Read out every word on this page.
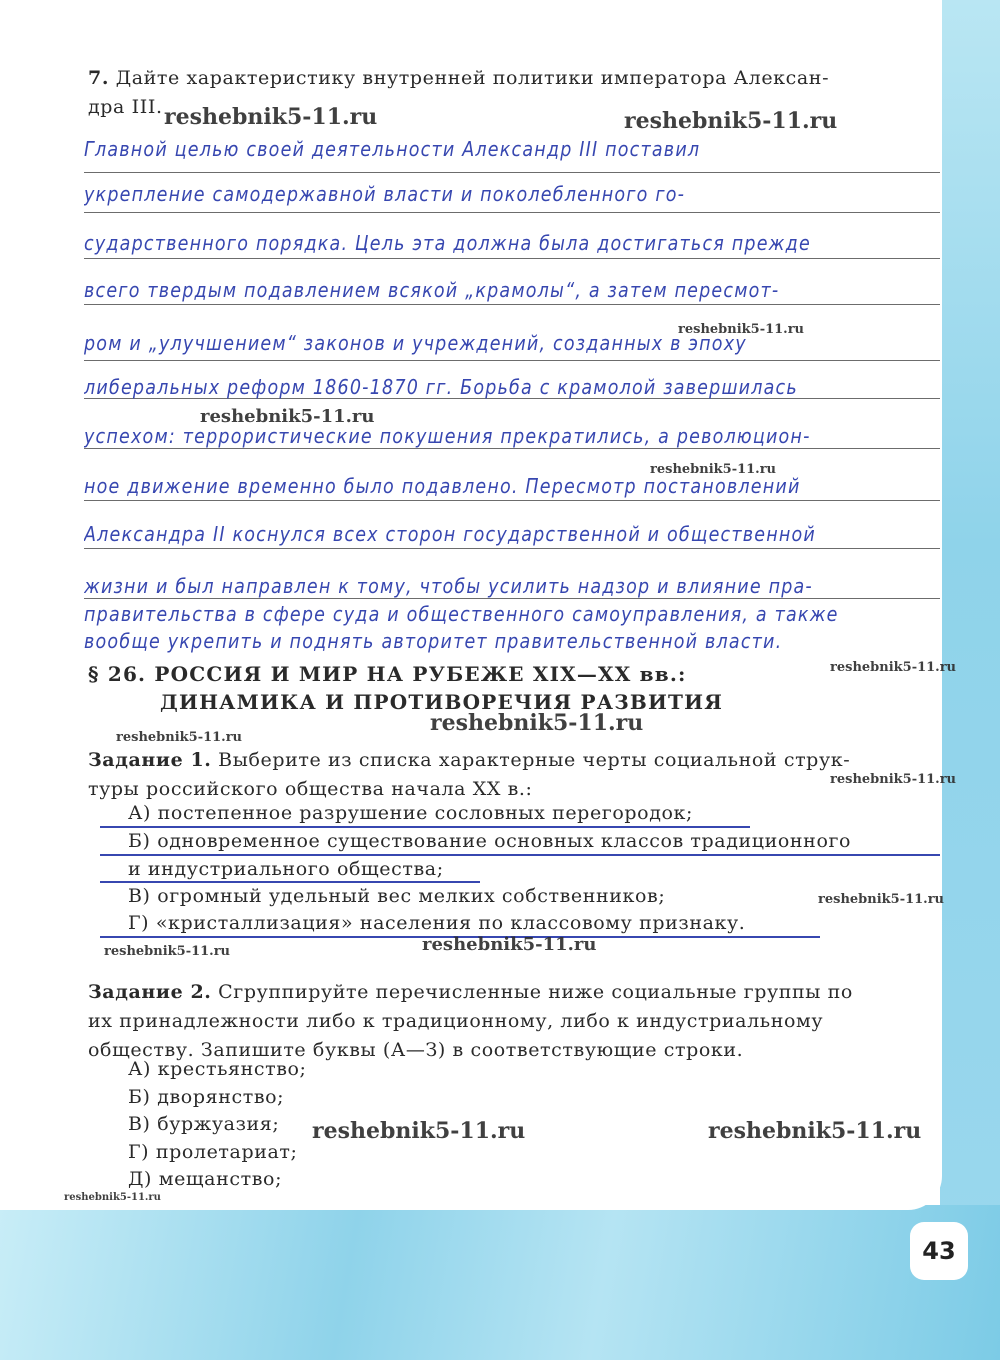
7. Дайте характеристику внутренней политики императора Алексан-
дра III.
Главной целью своей деятельности Александр III поставил
укрепление самодержавной власти и поколебленного го-
сударственного порядка. Цель эта должна была достигаться прежде
всего твердым подавлением всякой „крамолы“, а затем пересмот-
ром и „улучшением“ законов и учреждений, созданных в эпоху
либеральных реформ 1860-1870 гг. Борьба с крамолой завершилась
успехом: террористические покушения прекратились, а революцион-
ное движение временно было подавлено. Пересмотр постановлений
Александра II коснулся всех сторон государственной и общественной
жизни и был направлен к тому, чтобы усилить надзор и влияние пра-
правительства в сфере суда и общественного самоуправления, а также
вообще укрепить и поднять авторитет правительственной власти.
§ 26. РОССИЯ И МИР НА РУБЕЖЕ XIX—XX вв.:
ДИНАМИКА И ПРОТИВОРЕЧИЯ РАЗВИТИЯ
Задание 1. Выберите из списка характерные черты социальной струк-
туры российского общества начала XX в.:
А) постепенное разрушение сословных перегородок;
Б) одновременное существование основных классов традиционного
и индустриального общества;
В) огромный удельный вес мелких собственников;
Г) «кристаллизация» населения по классовому признаку.
Задание 2. Сгруппируйте перечисленные ниже социальные группы по
их принадлежности либо к традиционному, либо к индустриальному
обществу. Запишите буквы (А—З) в соответствующие строки.
А) крестьянство;
Б) дворянство;
В) буржуазия;
Г) пролетариат;
Д) мещанство;
reshebnik5-11.ru	reshebnik5-11.ru
reshebnik5-11.ru
reshebnik5-11.ru
reshebnik5-11.ru
reshebnik5-11.ru
reshebnik5-11.ru
reshebnik5-11.ru
reshebnik5-11.ru
reshebnik5-11.ru
reshebnik5-11.ru
reshebnik5-11.ru
reshebnik5-11.ru	reshebnik5-11.ru
reshebnik5-11.ru
43
